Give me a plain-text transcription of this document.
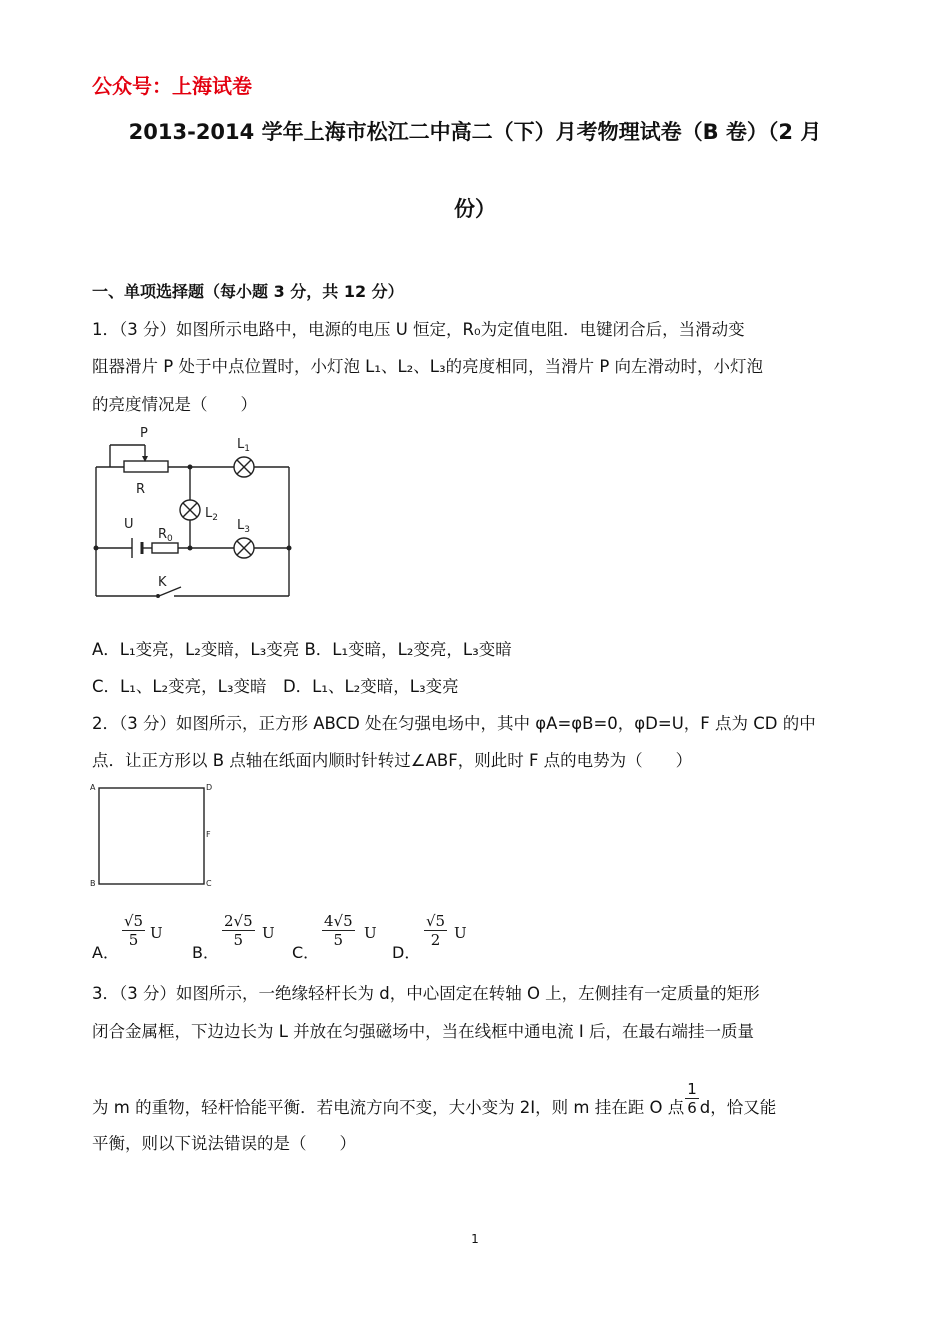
公众号：上海试卷
2013-2014 学年上海市松江二中高二（下）月考物理试卷（B 卷）（2 月
份）
一、单项选择题（每小题 3 分，共 12 分）
1．（3 分）如图所示电路中，电源的电压 U 恒定，R₀为定值电阻．电键闭合后，当滑动变
阻器滑片 P 处于中点位置时，小灯泡 L₁、L₂、L₃的亮度相同，当滑片 P 向左滑动时，小灯泡
的亮度情况是（　　）
P
R
$L_1$
$L_2$ $L_3$
U
$R_0$
K
A．L₁变亮，L₂变暗，L₃变亮 B．L₁变暗，L₂变亮，L₃变暗
C．L₁、L₂变亮，L₃变暗　D．L₁、L₂变暗，L₃变亮
2．（3 分）如图所示，正方形 ABCD 处在匀强电场中，其中 φA=φB=0，φD=U，F 点为 CD 的中
点．让正方形以 B 点轴在纸面内顺时针转过∠ABF，则此时 F 点的电势为（　　）
A
B	C
D
F
A．
$\frac{√5}{5}$ U
B．
$\frac{2√5}{5}$ U
C．
$\frac{4√5}{5}$ U
D．
$\frac{√5}{2}$ U
3．（3 分）如图所示，一绝缘轻杆长为 d，中心固定在转轴 O 上，左侧挂有一定质量的矩形
闭合金属框，下边边长为 L 并放在匀强磁场中，当在线框中通电流 I 后，在最右端挂一质量
为 m 的重物，轻杆恰能平衡．若电流方向不变，大小变为 2I，则 m 挂在距 O 点 $\frac{1}{6}$ d，恰又能
平衡，则以下说法错误的是（　　）
1
